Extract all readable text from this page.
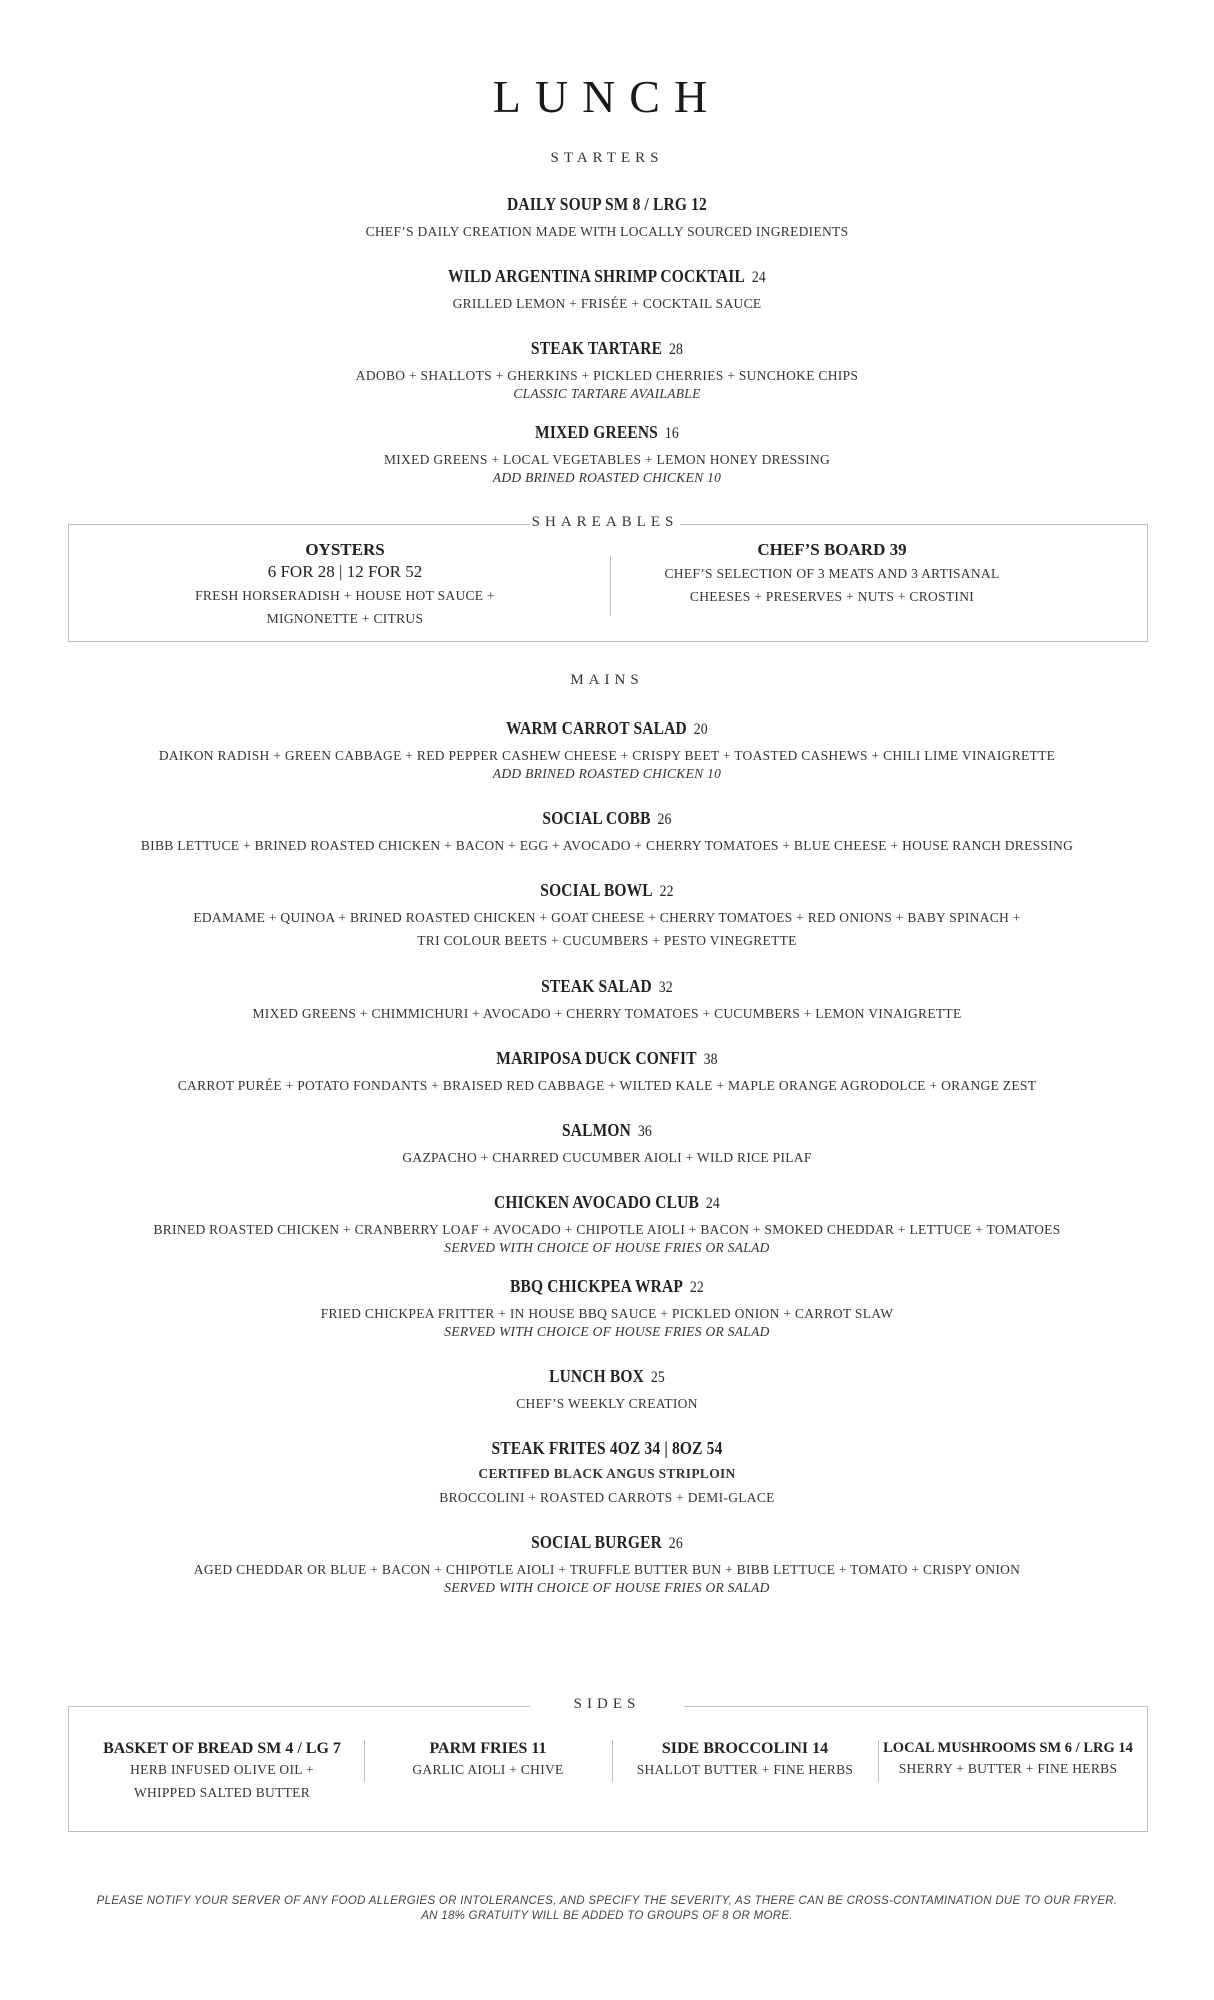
LUNCH
STARTERS
DAILY SOUP SM 8 / LRG 12
CHEF’S DAILY CREATION MADE WITH LOCALLY SOURCED INGREDIENTS
WILD ARGENTINA SHRIMP COCKTAIL 24
GRILLED LEMON + FRISÉE + COCKTAIL SAUCE
STEAK TARTARE 28
ADOBO + SHALLOTS + GHERKINS + PICKLED CHERRIES + SUNCHOKE CHIPS
CLASSIC TARTARE AVAILABLE
MIXED GREENS 16
MIXED GREENS + LOCAL VEGETABLES + LEMON HONEY DRESSING
ADD BRINED ROASTED CHICKEN 10
SHAREABLES
OYSTERS
6 FOR 28 | 12 FOR 52
FRESH HORSERADISH + HOUSE HOT SAUCE +
MIGNONETTE + CITRUS
CHEF’S BOARD 39
CHEF’S SELECTION OF 3 MEATS AND 3 ARTISANAL
CHEESES + PRESERVES + NUTS + CROSTINI
MAINS
WARM CARROT SALAD 20
DAIKON RADISH + GREEN CABBAGE + RED PEPPER CASHEW CHEESE + CRISPY BEET + TOASTED CASHEWS + CHILI LIME VINAIGRETTE
ADD BRINED ROASTED CHICKEN 10
SOCIAL COBB 26
BIBB LETTUCE + BRINED ROASTED CHICKEN + BACON + EGG + AVOCADO + CHERRY TOMATOES + BLUE CHEESE + HOUSE RANCH DRESSING
SOCIAL BOWL 22
EDAMAME + QUINOA + BRINED ROASTED CHICKEN + GOAT CHEESE + CHERRY TOMATOES + RED ONIONS + BABY SPINACH +
TRI COLOUR BEETS + CUCUMBERS + PESTO VINEGRETTE
STEAK SALAD 32
MIXED GREENS + CHIMMICHURI + AVOCADO + CHERRY TOMATOES + CUCUMBERS + LEMON VINAIGRETTE
MARIPOSA DUCK CONFIT 38
CARROT PURÉE + POTATO FONDANTS + BRAISED RED CABBAGE + WILTED KALE + MAPLE ORANGE AGRODOLCE + ORANGE ZEST
SALMON 36
GAZPACHO + CHARRED CUCUMBER AIOLI + WILD RICE PILAF
CHICKEN AVOCADO CLUB 24
BRINED ROASTED CHICKEN + CRANBERRY LOAF + AVOCADO + CHIPOTLE AIOLI + BACON + SMOKED CHEDDAR + LETTUCE + TOMATOES
SERVED WITH CHOICE OF HOUSE FRIES OR SALAD
BBQ CHICKPEA WRAP 22
FRIED CHICKPEA FRITTER + IN HOUSE BBQ SAUCE + PICKLED ONION + CARROT SLAW
SERVED WITH CHOICE OF HOUSE FRIES OR SALAD
LUNCH BOX 25
CHEF’S WEEKLY CREATION
STEAK FRITES 4OZ 34 | 8OZ 54
CERTIFED BLACK ANGUS STRIPLOIN
BROCCOLINI + ROASTED CARROTS + DEMI-GLACE
SOCIAL BURGER 26
AGED CHEDDAR OR BLUE + BACON + CHIPOTLE AIOLI + TRUFFLE BUTTER BUN + BIBB LETTUCE + TOMATO + CRISPY ONION
SERVED WITH CHOICE OF HOUSE FRIES OR SALAD
SIDES
BASKET OF BREAD SM 4 / LG 7
HERB INFUSED OLIVE OIL +
WHIPPED SALTED BUTTER
PARM FRIES 11
GARLIC AIOLI + CHIVE
SIDE BROCCOLINI 14
SHALLOT BUTTER + FINE HERBS
LOCAL MUSHROOMS SM 6 / LRG 14
SHERRY + BUTTER + FINE HERBS
PLEASE NOTIFY YOUR SERVER OF ANY FOOD ALLERGIES OR INTOLERANCES, AND SPECIFY THE SEVERITY, AS THERE CAN BE CROSS-CONTAMINATION DUE TO OUR FRYER.
AN 18% GRATUITY WILL BE ADDED TO GROUPS OF 8 OR MORE.
